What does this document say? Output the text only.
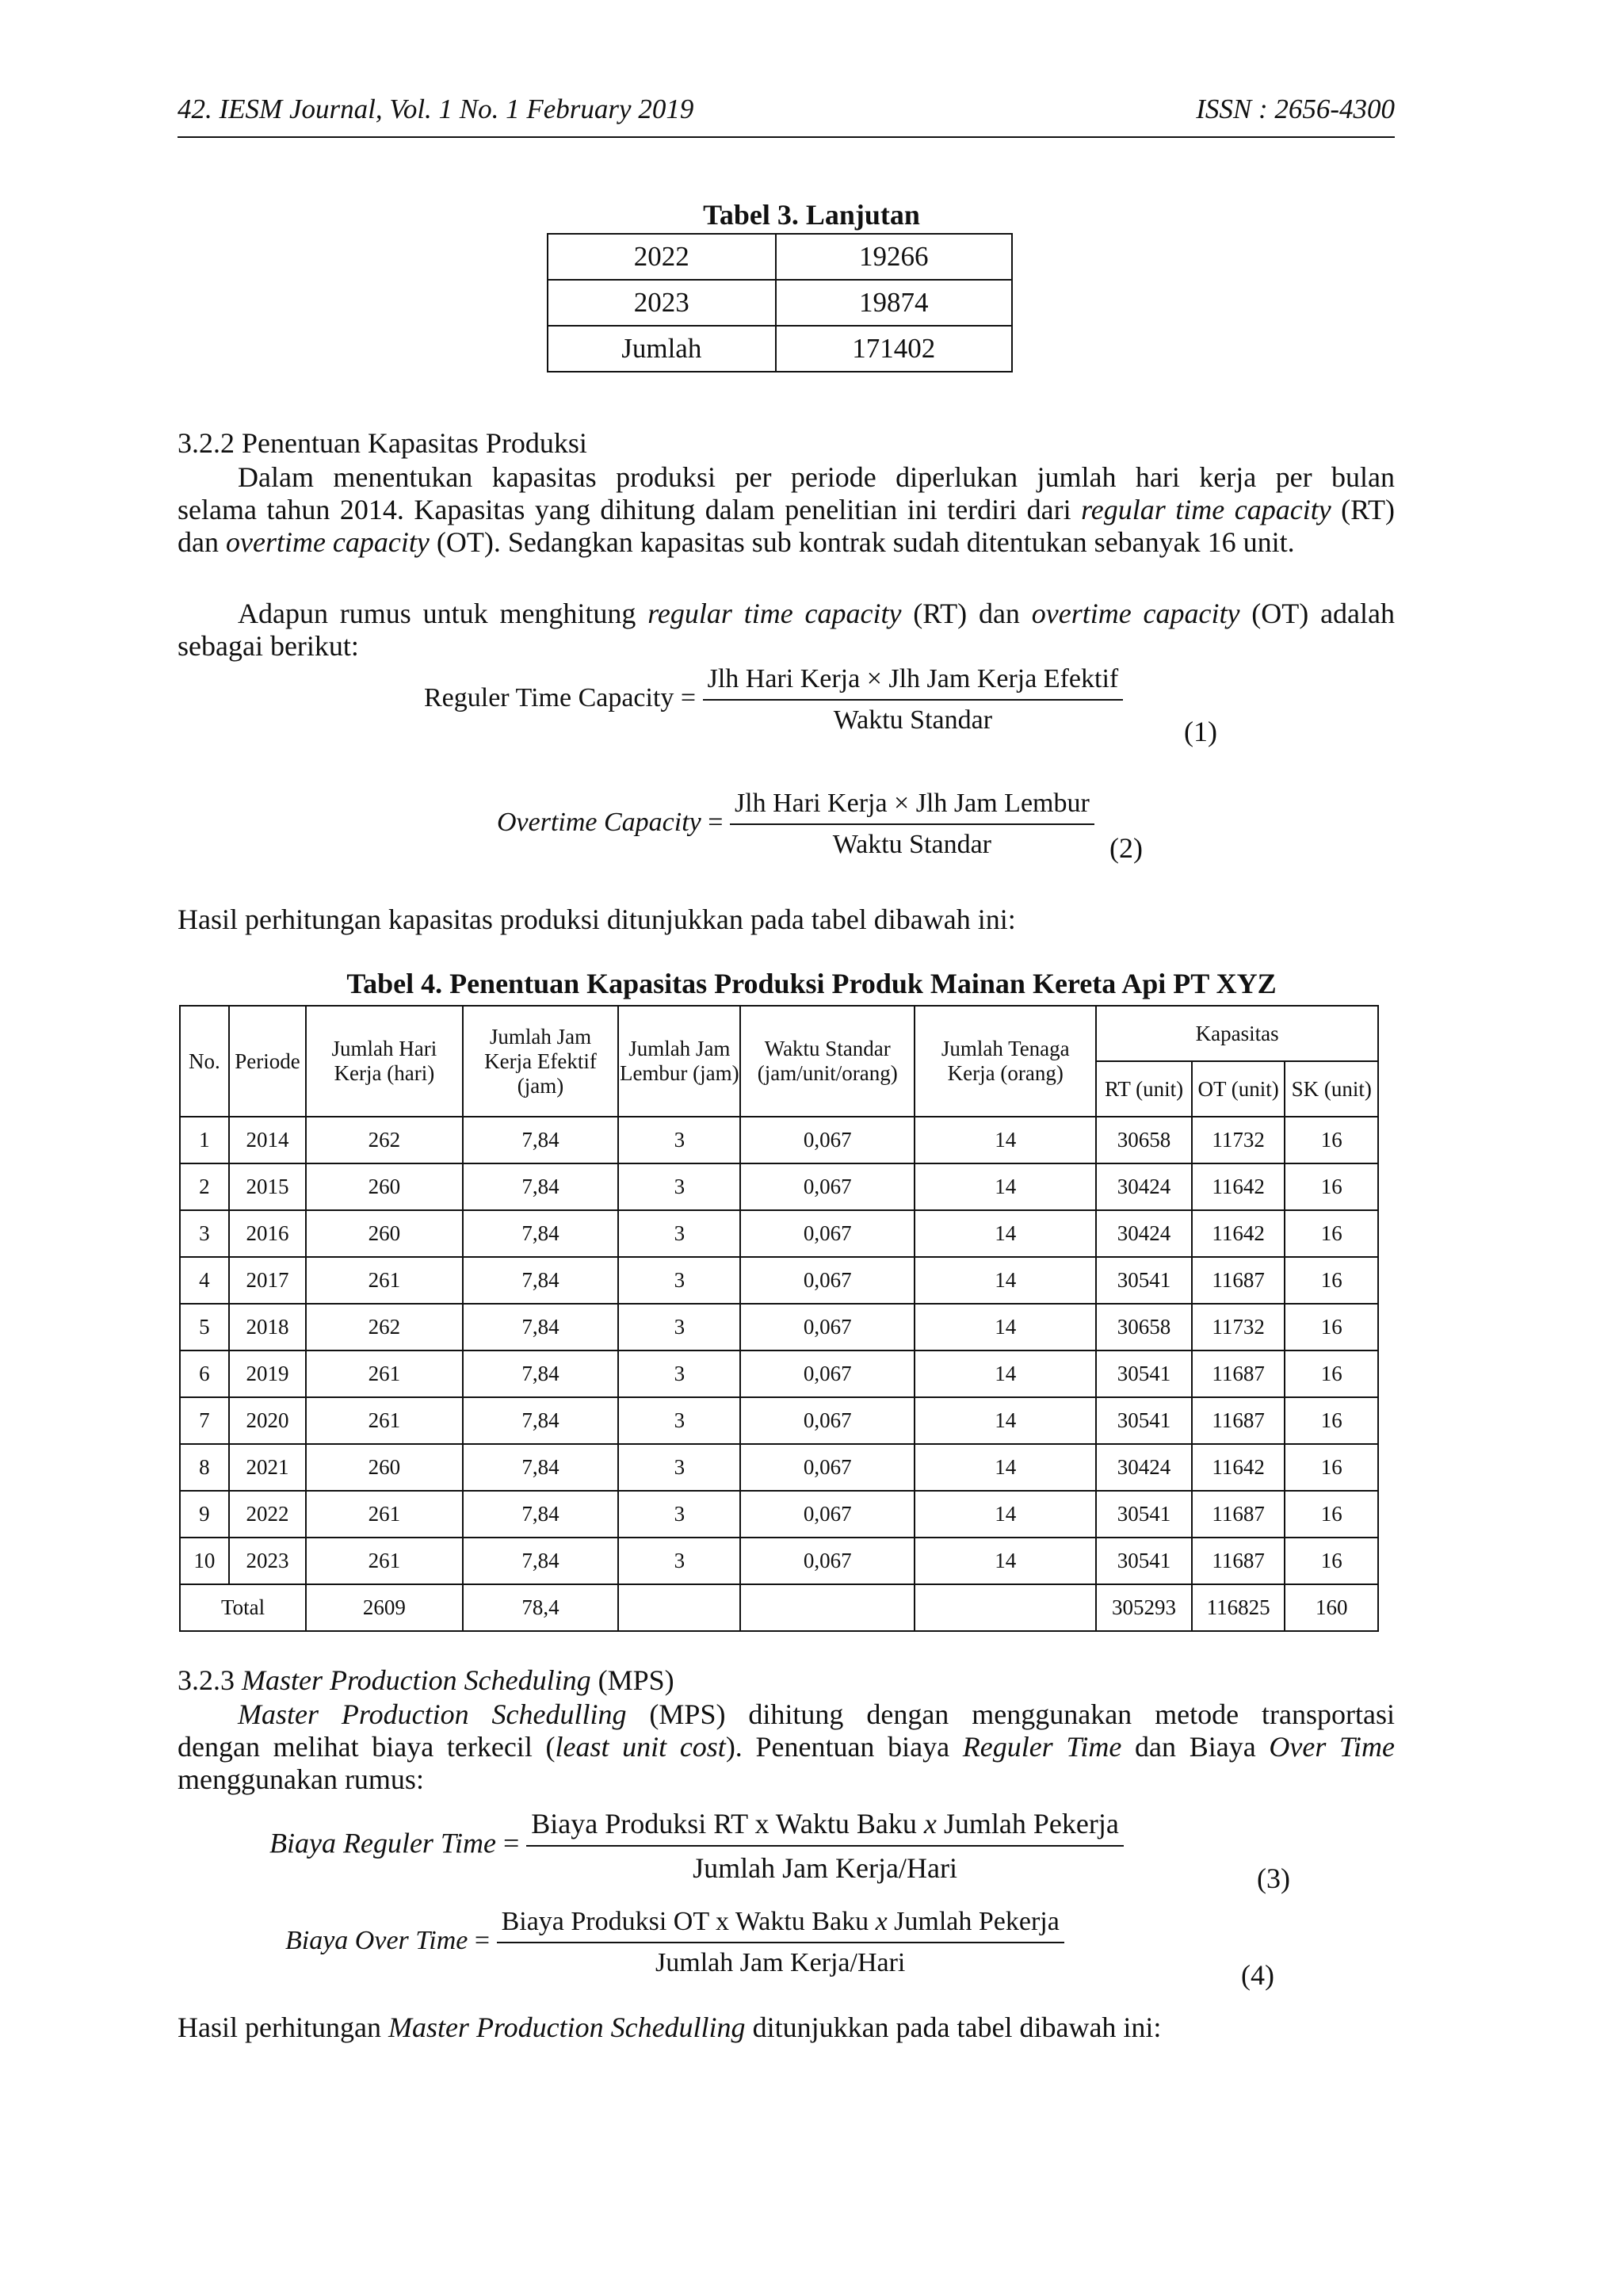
42. IESM Journal, Vol. 1 No. 1 February 2019	ISSN : 2656-4300
Tabel 3. Lanjutan
2022	19266
2023	19874
Jumlah	171402
3.2.2 Penentuan Kapasitas Produksi
Dalam menentukan kapasitas produksi per periode diperlukan jumlah hari kerja per bulan
selama tahun 2014. Kapasitas yang dihitung dalam penelitian ini terdiri dari regular time capacity (RT) dan overtime capacity (OT). Sedangkan kapasitas sub kontrak sudah ditentukan sebanyak 16 unit.
Adapun rumus untuk menghitung regular time capacity (RT) dan overtime capacity (OT) adalah sebagai berikut:
Reguler Time Capacity = $\frac{\text{Jlh Hari Kerja × Jlh Jam Kerja Efektif}}{\text{Waktu Standar}} (1)$
Overtime Capacity = $\frac{\text{Jlh Hari Kerja × Jlh Jam Lembur}}{\text{Waktu Standar}} (2)$
Hasil perhitungan kapasitas produksi ditunjukkan pada tabel dibawah ini:
Tabel 4. Penentuan Kapasitas Produksi Produk Mainan Kereta Api PT XYZ
No.	Periode	Jumlah Hari Kerja (hari)	Jumlah Jam Kerja Efektif (jam)	Jumlah Jam Lembur (jam)	Waktu Standar (jam/unit/orang)	Jumlah Tenaga Kerja (orang)	Kapasitas		
							RT (unit)	OT (unit)	SK (unit)
1	2014	262	7,84	3	0,067	14	30658	11732	16
2	2015	260	7,84	3	0,067	14	30424	11642	16
3	2016	260	7,84	3	0,067	14	30424	11642	16
4	2017	261	7,84	3	0,067	14	30541	11687	16
5	2018	262	7,84	3	0,067	14	30658	11732	16
6	2019	261	7,84	3	0,067	14	30541	11687	16
7	2020	261	7,84	3	0,067	14	30541	11687	16
8	2021	260	7,84	3	0,067	14	30424	11642	16
9	2022	261	7,84	3	0,067	14	30541	11687	16
10	2023	261	7,84	3	0,067	14	30541	11687	16
Total		2609	78,4				305293	116825	160
3.2.3 Master Production Scheduling (MPS)
Master Production Schedulling (MPS) dihitung dengan menggunakan metode transportasi
dengan melihat biaya terkecil (least unit cost). Penentuan biaya Reguler Time dan Biaya Over Time
menggunakan rumus:
Biaya Reguler Time = $\frac{\text{Biaya Produksi RT x Waktu Baku x Jumlah Pekerja}}{\text{Jumlah Jam Kerja/Hari}}$	(3)
Biaya Over Time = $\frac{\text{Biaya Produksi OT x Waktu Baku x Jumlah Pekerja}}{\text{Jumlah Jam Kerja/Hari}}$	(4)
Hasil perhitungan Master Production Schedulling ditunjukkan pada tabel dibawah ini:
